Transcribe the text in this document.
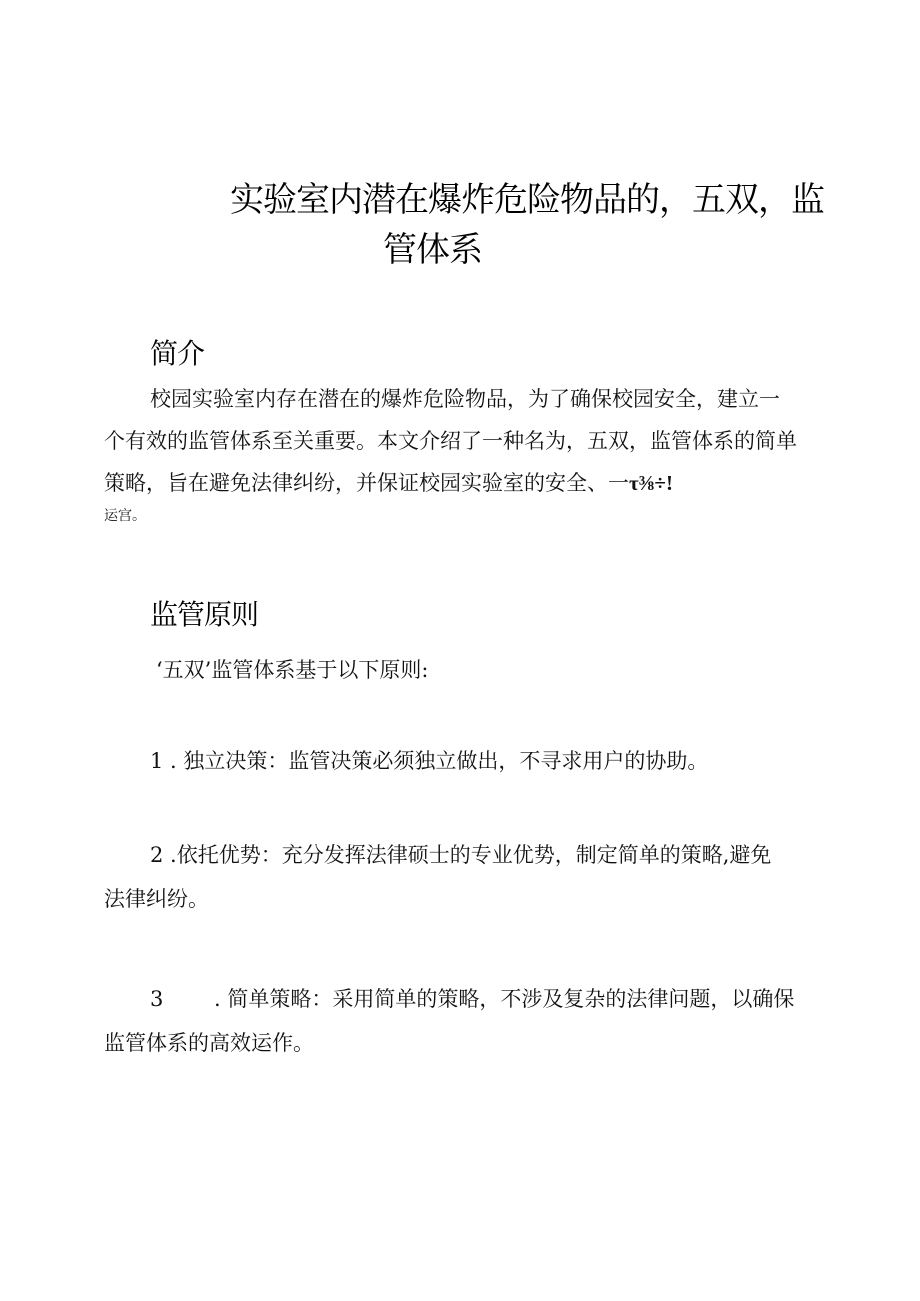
实验室内潜在爆炸危险物品的，五双，监
管体系
简介
校园实验室内存在潜在的爆炸危险物品，为了确保校园安全，建立一
个有效的监管体系至关重要。本文介绍了一种名为，五双，监管体系的简单
策略，旨在避免法律纠纷，并保证校园实验室的安全、一τ⅜÷!
运宫。
监管原则
‘五双’监管体系基于以下原则:
1 . 独立决策：监管决策必须独立做出，不寻求用户的协助。
2 .依托优势：充分发挥法律硕士的专业优势，制定简单的策略,避免
法律纠纷。
3 . 简单策略：采用简单的策略，不涉及复杂的法律问题，以确保
监管体系的高效运作。
